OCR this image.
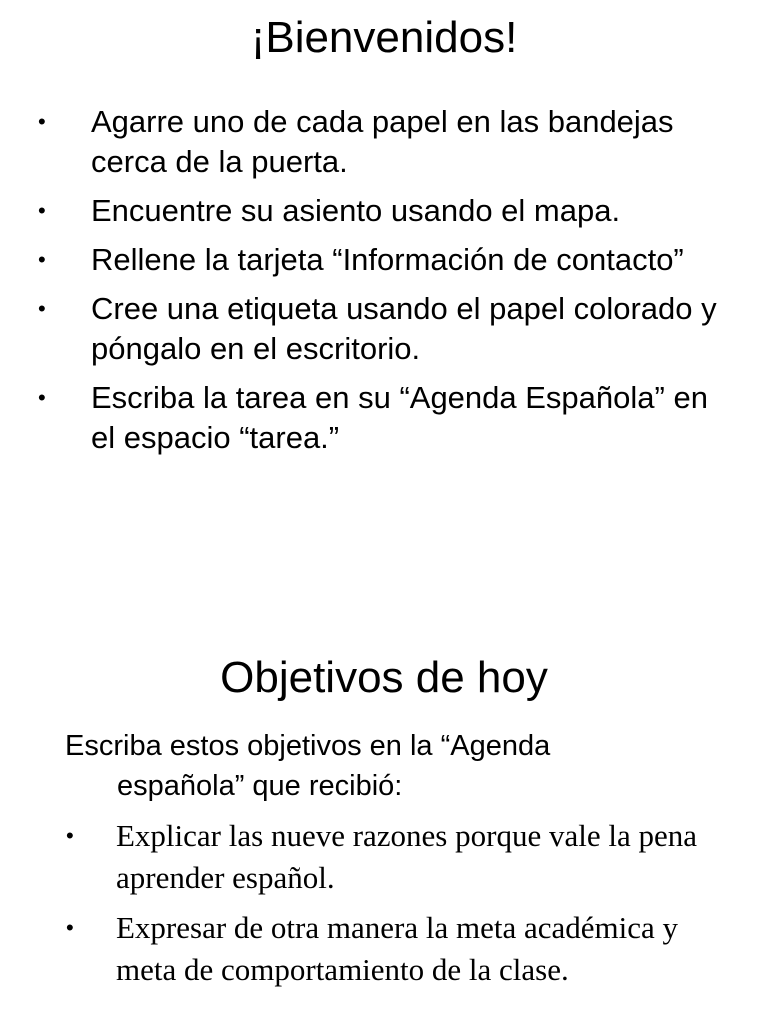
¡Bienvenidos!
• Agarre uno de cada papel en las bandejas cerca de la puerta.
• Encuentre su asiento usando el mapa.
• Rellene la tarjeta “Información de contacto”
• Cree una etiqueta usando el papel colorado y póngalo en el escritorio.
• Escriba la tarea en su “Agenda Española” en el espacio “tarea.”
Objetivos de hoy
Escriba estos objetivos en la “Agenda
española” que recibió:
• Explicar las nueve razones porque vale la pena aprender español.
• Expresar de otra manera la meta académica y meta de comportamiento de la clase.
